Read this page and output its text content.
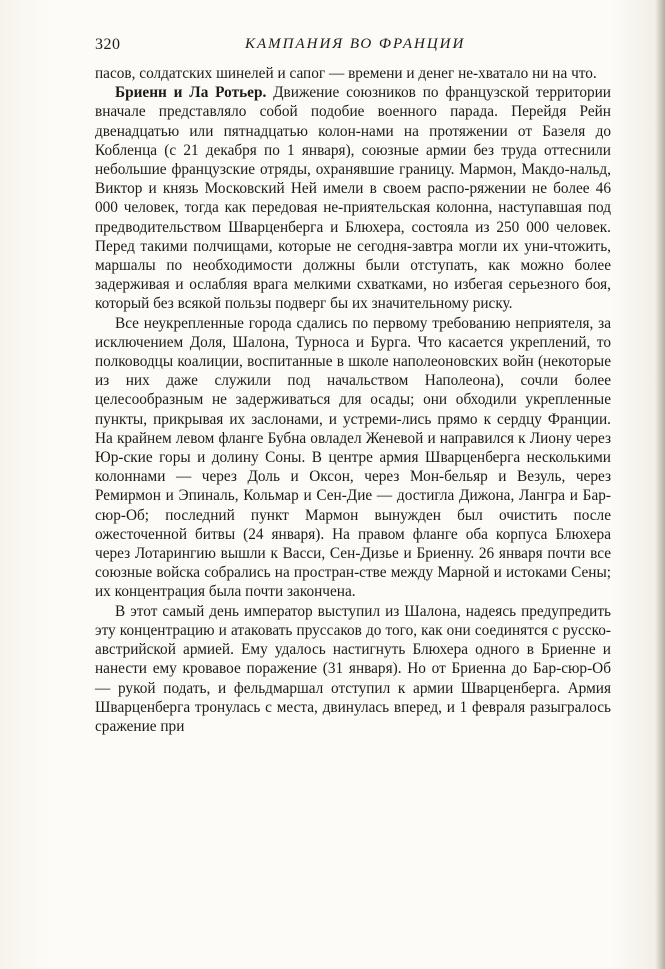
320	КАМПАНИЯ ВО ФРАНЦИИ

пасов, солдатских шинелей и сапог — времени и денег не-хватало ни на что.

Бриенн и Ла Ротьер. Движение союзников по французской территории вначале представляло собой подобие военного парада. Перейдя Рейн двенадцатью или пятнадцатью колон-нами на протяжении от Базеля до Кобленца (с 21 декабря по 1 января), союзные армии без труда оттеснили небольшие французские отряды, охранявшие границу. Мармон, Макдо-нальд, Виктор и князь Московский Ней имели в своем распо-ряжении не более 46 000 человек, тогда как передовая не-приятельская колонна, наступавшая под предводительством Шварценберга и Блюхера, состояла из 250 000 человек. Перед такими полчищами, которые не сегодня-завтра могли их уни-чтожить, маршалы по необходимости должны были отступать, как можно более задерживая и ослабляя врага мелкими схватками, но избегая серьезного боя, который без всякой пользы подверг бы их значительному риску.

Все неукрепленные города сдались по первому требованию неприятеля, за исключением Доля, Шалона, Турноса и Бурга. Что касается укреплений, то полководцы коалиции, воспитанные в школе наполеоновских войн (некоторые из них даже служили под начальством Наполеона), сочли более целесообразным не задерживаться для осады; они обходили укрепленные пункты, прикрывая их заслонами, и устреми-лись прямо к сердцу Франции. На крайнем левом фланге Бубна овладел Женевой и направился к Лиону через Юр-ские горы и долину Соны. В центре армия Шварценберга несколькими колоннами — через Доль и Оксон, через Мон-бельяр и Везуль, через Ремирмон и Эпиналь, Кольмар и Сен-Дие — достигла Дижона, Лангра и Бар-сюр-Об; последний пункт Мармон вынужден был очистить после ожесточенной битвы (24 января). На правом фланге оба корпуса Блюхера через Лотарингию вышли к Васси, Сен-Дизье и Бриенну. 26 января почти все союзные войска собрались на простран-стве между Марной и истоками Сены; их концентрация была почти закончена.

В этот самый день император выступил из Шалона, надеясь предупредить эту концентрацию и атаковать пруссаков до того, как они соединятся с русско-австрийской армией. Ему удалось настигнуть Блюхера одного в Бриенне и нанести ему кровавое поражение (31 января). Но от Бриенна до Бар-сюр-Об — рукой подать, и фельдмаршал отступил к армии Шварценберга. Армия Шварценберга тронулась с места, двинулась вперед, и 1 февраля разыгралось сражение при
